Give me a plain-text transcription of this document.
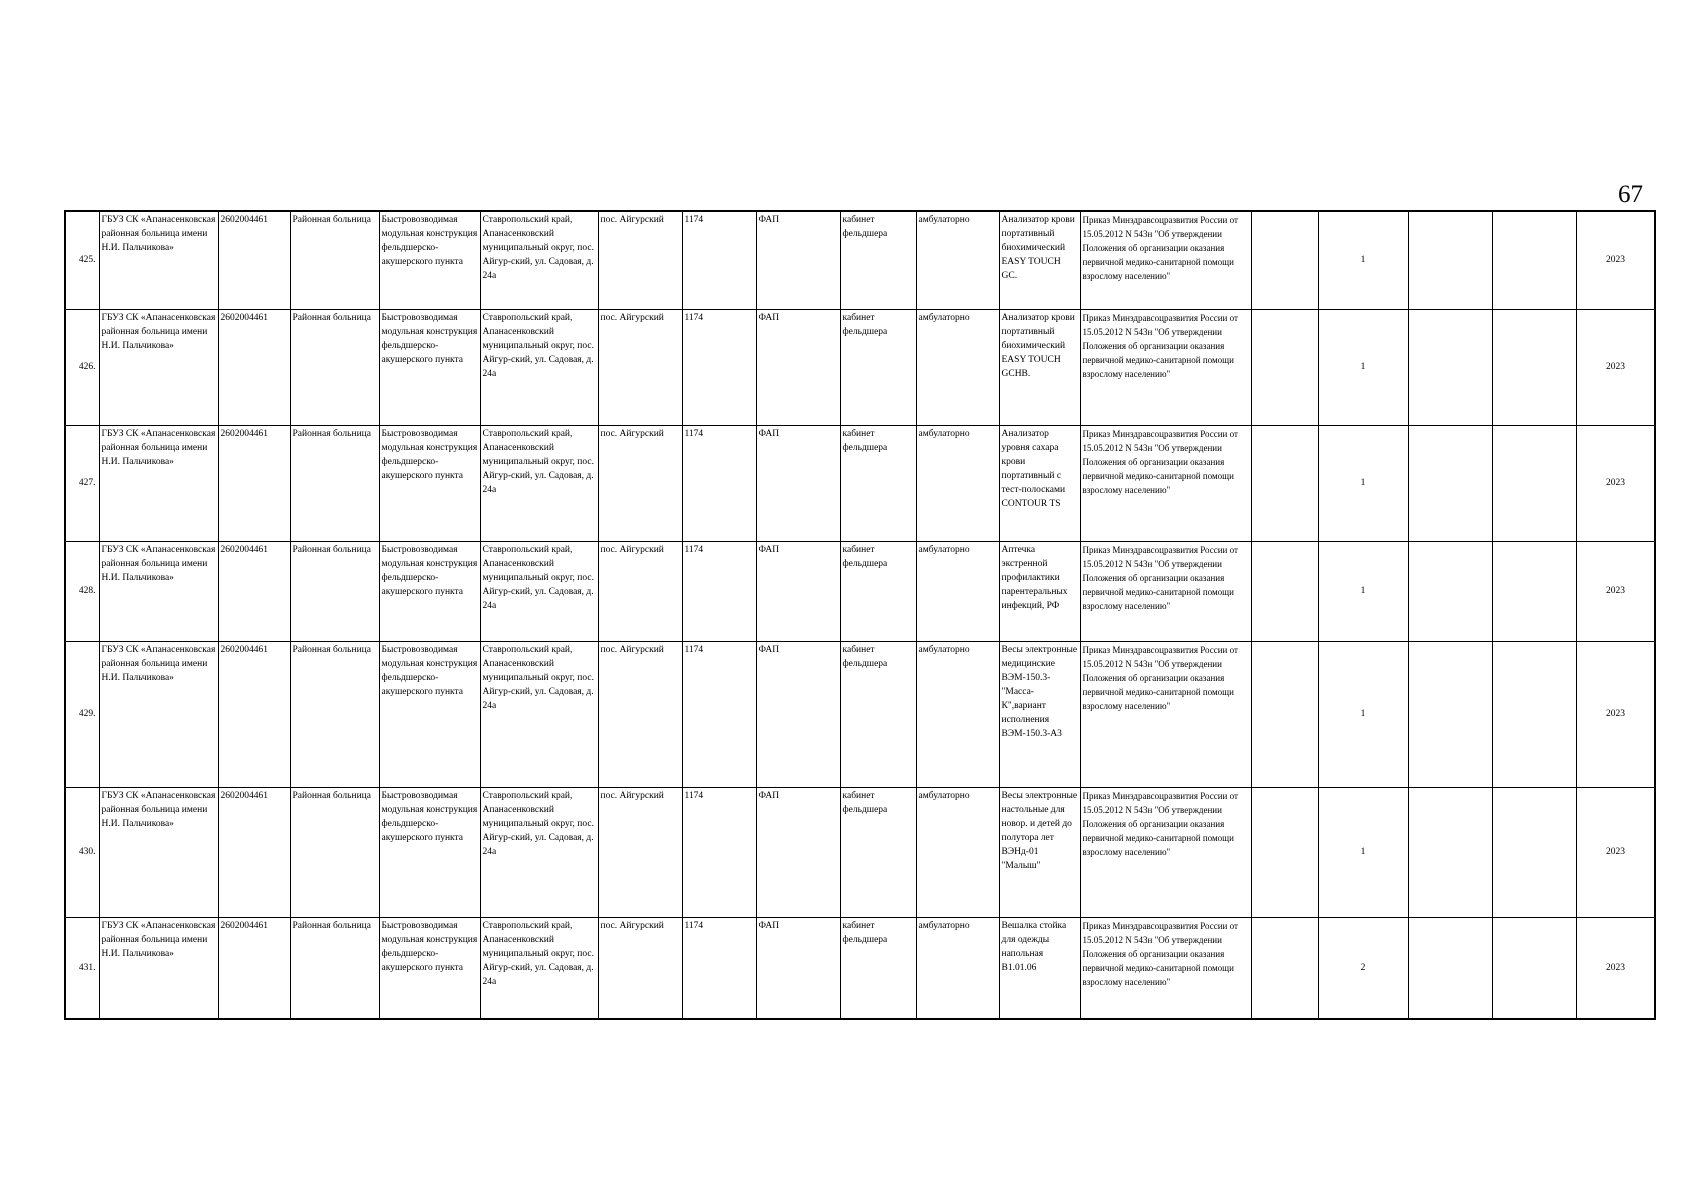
67
425.	ГБУЗ СК «Апанасенковская районная больница имени Н.И. Пальчикова»	2602004461	Районная больница	Быстровозводимая модульная конструкция фельдшерско-акушерского пункта	Ставропольский край, Апанасенковский муниципальный округ, пос. Айгур-ский, ул. Садовая, д. 24а	пос. Айгурский	1174	ФАП	кабинет фельдшера	амбулаторно	Анализатор крови портативный биохимический EASY TOUCH GC.	Приказ Минздравсоцразвития России от 15.05.2012 N 543н "Об утверждении Положения об организации оказания первичной медико-санитарной помощи взрослому населению"		1			2023	
426.	ГБУЗ СК «Апанасенковская районная больница имени Н.И. Пальчикова»	2602004461	Районная больница	Быстровозводимая модульная конструкция фельдшерско-акушерского пункта	Ставропольский край, Апанасенковский муниципальный округ, пос. Айгур-ский, ул. Садовая, д. 24а	пос. Айгурский	1174	ФАП	кабинет фельдшера	амбулаторно	Анализатор крови портативный биохимический EASY TOUCH GCHB.	Приказ Минздравсоцразвития России от 15.05.2012 N 543н "Об утверждении Положения об организации оказания первичной медико-санитарной помощи взрослому населению"		1			2023	
427.	ГБУЗ СК «Апанасенковская районная больница имени Н.И. Пальчикова»	2602004461	Районная больница	Быстровозводимая модульная конструкция фельдшерско-акушерского пункта	Ставропольский край, Апанасенковский муниципальный округ, пос. Айгур-ский, ул. Садовая, д. 24а	пос. Айгурский	1174	ФАП	кабинет фельдшера	амбулаторно	Анализатор уровня сахара крови портативный с тест-полосками CONTOUR TS	Приказ Минздравсоцразвития России от 15.05.2012 N 543н "Об утверждении Положения об организации оказания первичной медико-санитарной помощи взрослому населению"		1			2023	
428.	ГБУЗ СК «Апанасенковская районная больница имени Н.И. Пальчикова»	2602004461	Районная больница	Быстровозводимая модульная конструкция фельдшерско-акушерского пункта	Ставропольский край, Апанасенковский муниципальный округ, пос. Айгур-ский, ул. Садовая, д. 24а	пос. Айгурский	1174	ФАП	кабинет фельдшера	амбулаторно	Аптечка экстренной профилактики парентеральных инфекций, РФ	Приказ Минздравсоцразвития России от 15.05.2012 N 543н "Об утверждении Положения об организации оказания первичной медико-санитарной помощи взрослому населению"		1			2023	
429.	ГБУЗ СК «Апанасенковская районная больница имени Н.И. Пальчикова»	2602004461	Районная больница	Быстровозводимая модульная конструкция фельдшерско-акушерского пункта	Ставропольский край, Апанасенковский муниципальный округ, пос. Айгур-ский, ул. Садовая, д. 24а	пос. Айгурский	1174	ФАП	кабинет фельдшера	амбулаторно	Весы электронные медицинские ВЭМ-150.3-"Масса-К",вариант исполнения ВЭМ-150.3-А3	Приказ Минздравсоцразвития России от 15.05.2012 N 543н "Об утверждении Положения об организации оказания первичной медико-санитарной помощи взрослому населению"		1			2023	
430.	ГБУЗ СК «Апанасенковская районная больница имени Н.И. Пальчикова»	2602004461	Районная больница	Быстровозводимая модульная конструкция фельдшерско-акушерского пункта	Ставропольский край, Апанасенковский муниципальный округ, пос. Айгур-ский, ул. Садовая, д. 24а	пос. Айгурский	1174	ФАП	кабинет фельдшера	амбулаторно	Весы электронные настольные для новор. и детей до полутора лет ВЭНд-01 "Малыш"	Приказ Минздравсоцразвития России от 15.05.2012 N 543н "Об утверждении Положения об организации оказания первичной медико-санитарной помощи взрослому населению"		1			2023	
431.	ГБУЗ СК «Апанасенковская районная больница имени Н.И. Пальчикова»	2602004461	Районная больница	Быстровозводимая модульная конструкция фельдшерско-акушерского пункта	Ставропольский край, Апанасенковский муниципальный округ, пос. Айгур-ский, ул. Садовая, д. 24а	пос. Айгурский	1174	ФАП	кабинет фельдшера	амбулаторно	Вешалка стойка для одежды напольная В1.01.06	Приказ Минздравсоцразвития России от 15.05.2012 N 543н "Об утверждении Положения об организации оказания первичной медико-санитарной помощи взрослому населению"		2			2023	
